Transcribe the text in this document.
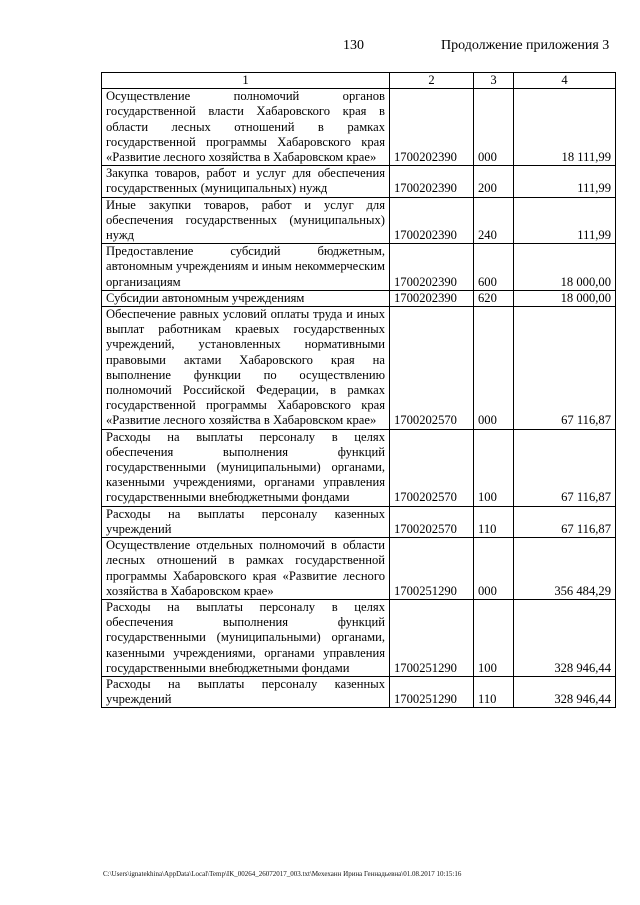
130	Продолжение приложения 3
1	2	3	4

Осуществление полномочий органов государственной власти Хабаровского края в области лесных отношений в рамках государственной программы Хабаровского края «Развитие лесного хозяйства в Хабаровском крае»	1700202390	000	18 111,99

Закупка товаров, работ и услуг для обеспечения государственных (муниципальных) нужд	1700202390	200	111,99

Иные закупки товаров, работ и услуг для обеспечения государственных (муниципальных) нужд	1700202390	240	111,99

Предоставление субсидий бюджетным, автономным учреждениям и иным некоммерческим организациям	1700202390	600	18 000,00

Субсидии автономным учреждениям	1700202390	620	18 000,00

Обеспечение равных условий оплаты труда и иных выплат работникам краевых государственных учреждений, установленных нормативными правовыми актами Хабаровского края на выполнение функции по осуществлению полномочий Российской Федерации, в рамках государственной программы Хабаровского края «Развитие лесного хозяйства в Хабаровском крае»	1700202570	000	67 116,87

Расходы на выплаты персоналу в целях обеспечения выполнения функций государственными (муниципальными) органами, казенными учреждениями, органами управления государственными внебюджетными фондами	1700202570	100	67 116,87

Расходы на выплаты персоналу казенных учреждений	1700202570	110	67 116,87

Осуществление отдельных полномочий в области лесных отношений в рамках государственной программы Хабаровского края «Развитие лесного хозяйства в Хабаровском крае»	1700251290	000	356 484,29

Расходы на выплаты персоналу в целях обеспечения выполнения функций государственными (муниципальными) органами, казенными учреждениями, органами управления государственными внебюджетными фондами	1700251290	100	328 946,44

Расходы на выплаты персоналу казенных учреждений	1700251290	110	328 946,44
C:\Users\ignatekhina\AppData\Local\Temp\IK_00264_26072017_003.txt\Мехеханн Ирина Геннадьевна\01.08.2017 10:15:16
